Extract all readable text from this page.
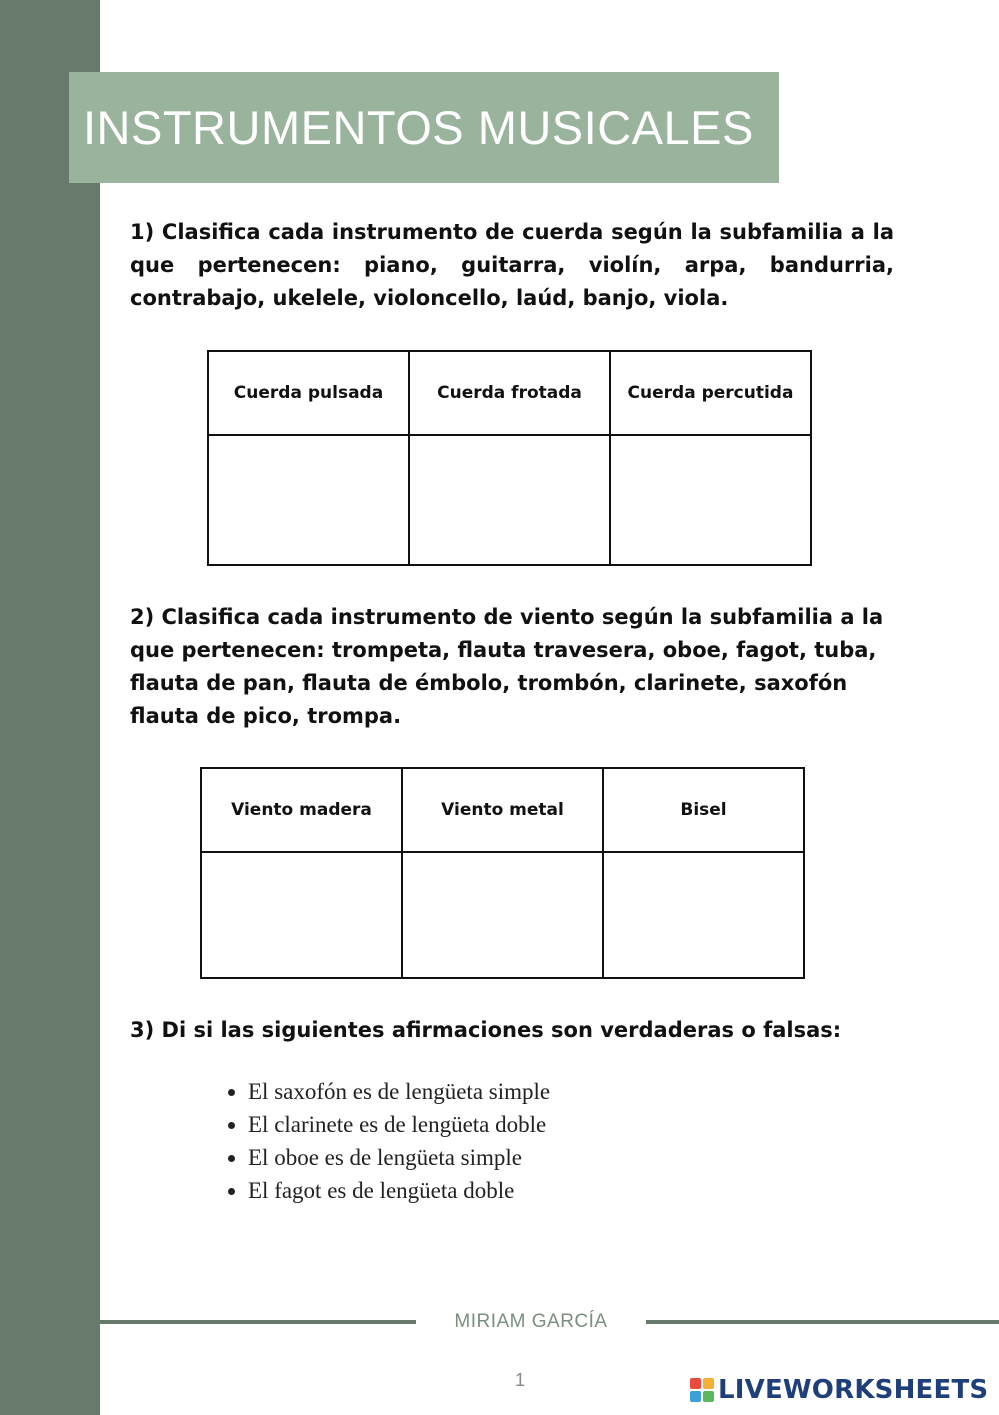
INSTRUMENTOS MUSICALES

1) Clasifica cada instrumento de cuerda según la subfamilia a la que pertenecen: piano, guitarra, violín, arpa, bandurria, contrabajo, ukelele, violoncello, laúd, banjo, viola.

Cuerda pulsada	Cuerda frotada	Cuerda percutida

2) Clasifica cada instrumento de viento según la subfamilia a la que pertenecen: trompeta, flauta travesera, oboe, fagot, tuba, flauta de pan, flauta de émbolo, trombón, clarinete, saxofón flauta de pico, trompa.

Viento madera	Viento metal	Bisel

3) Di si las siguientes afirmaciones son verdaderas o falsas:

• El saxofón es de lengüeta simple
• El clarinete es de lengüeta doble
• El oboe es de lengüeta simple
• El fagot es de lengüeta doble
MIRIAM GARCÍA
1	LIVEWORKSHEETS
